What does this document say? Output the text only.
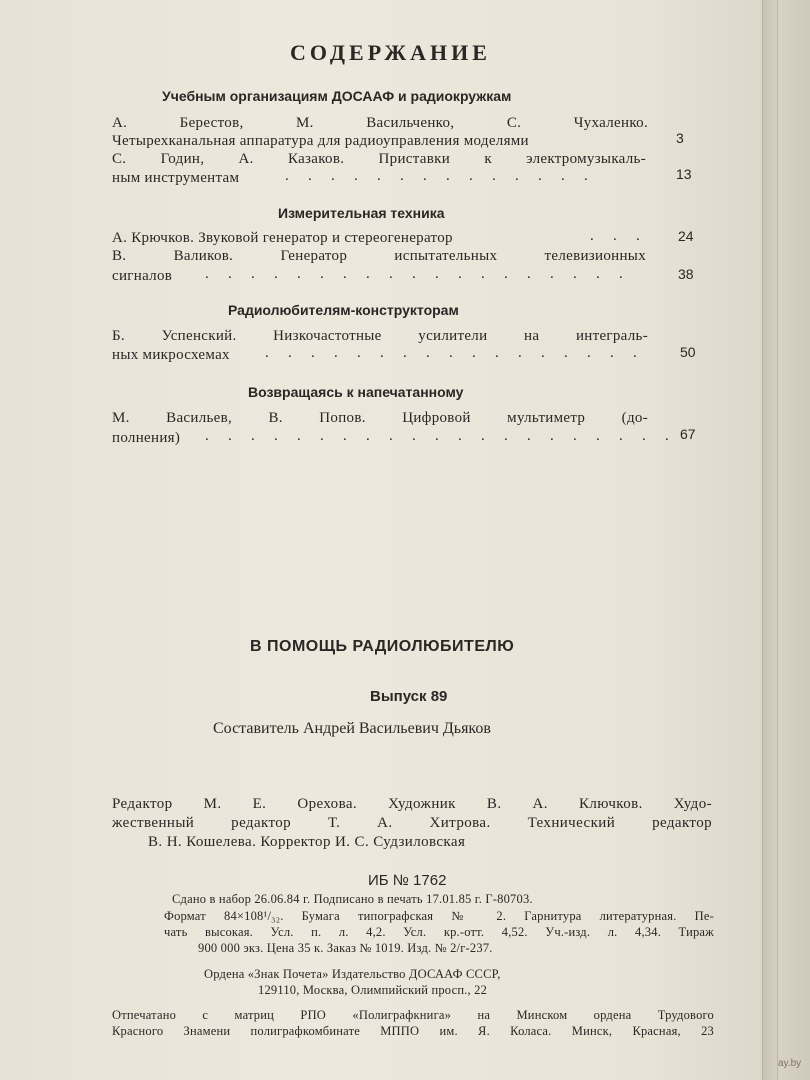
СОДЕРЖАНИЕ
Учебным организациям ДОСААФ и радиокружкам
А. Берестов, М. Васильченко, С. Чухаленко.
Четырехканальная аппаратура для радиоуправления моделями	3
С. Годин, А. Казаков. Приставки к электромузыкаль-
ным инструментам	.   .   .   .   .   .   .   .   .   .   .   .   .   .	13
Измерительная техника
А. Крючков. Звуковой генератор и стереогенератор	.   .   .	24
В. Валиков. Генератор испытательных телевизионных
сигналов .   .   .   .   .   .   .   .   .   .   .   .   .   .   .   .   .   .   .	38
Радиолюбителям-конструкторам
Б. Успенский. Низкочастотные усилители на интеграль-
ных микросхемах .   .   .   .   .   .   .   .   .   .   .   .   .   .   .   .   .	50
Возвращаясь к напечатанному
М. Васильев, В. Попов. Цифровой мультиметр (до-
полнения) .   .   .   .   .   .   .   .   .   .   .   .   .   .   .   .   .   .   .   .   . 67
В ПОМОЩЬ РАДИОЛЮБИТЕЛЮ
Выпуск 89
Составитель Андрей Васильевич Дьяков
Редактор М. Е. Орехова. Художник В. А. Ключков. Худо-
жественный редактор Т. А. Хитрова. Технический редактор
В. Н. Кошелева. Корректор И. С. Судзиловская
ИБ № 1762
Сдано в набор 26.06.84 г. Подписано в печать 17.01.85 г. Г-80703.
Формат 84×108¹/₃₂. Бумага типографская № 2. Гарнитура литературная. Пе-
чать высокая. Усл. п. л. 4,2. Усл. кр.-отт. 4,52. Уч.-изд. л. 4,34. Тираж
900 000 экз. Цена 35 к. Заказ № 1019. Изд. № 2/г-237.
Ордена «Знак Почета» Издательство ДОСААФ СССР,
129110, Москва, Олимпийский просп., 22
Отпечатано с матриц РПО «Полиграфкнига» на Минском ордена Трудового
Красного Знамени полиграфкомбинате МППО им. Я. Коласа. Минск, Красная, 23
ay.by
